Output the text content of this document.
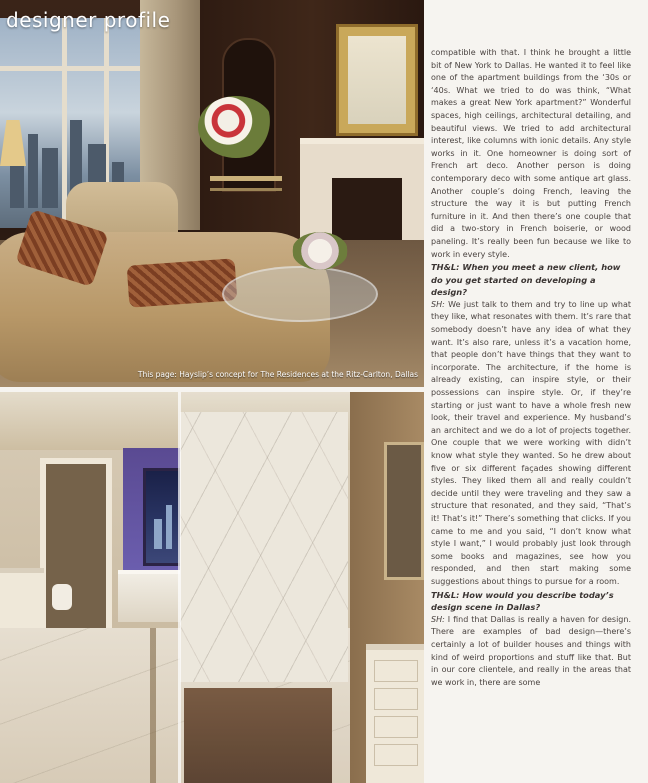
designer profile
This page: Hayslip’s concept for The Residences at the Ritz-Carlton, Dallas

compatible with that. I think he brought a little bit of New York to Dallas. He wanted it to feel like one of the apartment buildings from the ‘30s or ‘40s. What we tried to do was think, “What makes a great New York apartment?” Wonderful spaces, high ceilings, architectural detailing, and beautiful views. We tried to add architectural interest, like columns with ionic details. Any style works in it. One homeowner is doing sort of French art deco. Another person is doing contemporary deco with some antique art glass. Another couple’s doing French, leaving the structure the way it is but putting French furniture in it. And then there’s one couple that did a two-story in French boiserie, or wood paneling. It’s really been fun because we like to work in every style.

TH&L: When you meet a new client, how do you get started on developing a design?

SH: We just talk to them and try to line up what they like, what resonates with them. It’s rare that somebody doesn’t have any idea of what they want. It’s also rare, unless it’s a vacation home, that people don’t have things that they want to incorporate. The architecture, if the home is already existing, can inspire style, or their possessions can inspire style. Or, if they’re starting or just want to have a whole fresh new look, their travel and experience. My husband’s an architect and we do a lot of projects together. One couple that we were working with didn’t know what style they wanted. So he drew about five or six different façades showing different styles. They liked them all and really couldn’t decide until they were traveling and they saw a structure that resonated, and they said, “That’s it! That’s it!” There’s something that clicks. If you came to me and you said, “I don’t know what style I want,” I would probably just look through some books and magazines, see how you responded, and then start making some suggestions about things to pursue for a room.

TH&L: How would you describe today’s design scene in Dallas?

SH: I find that Dallas is really a haven for design. There are examples of bad design—there’s certainly a lot of builder houses and things with kind of weird proportions and stuff like that. But in our core clientele, and really in the areas that we work in, there are some
